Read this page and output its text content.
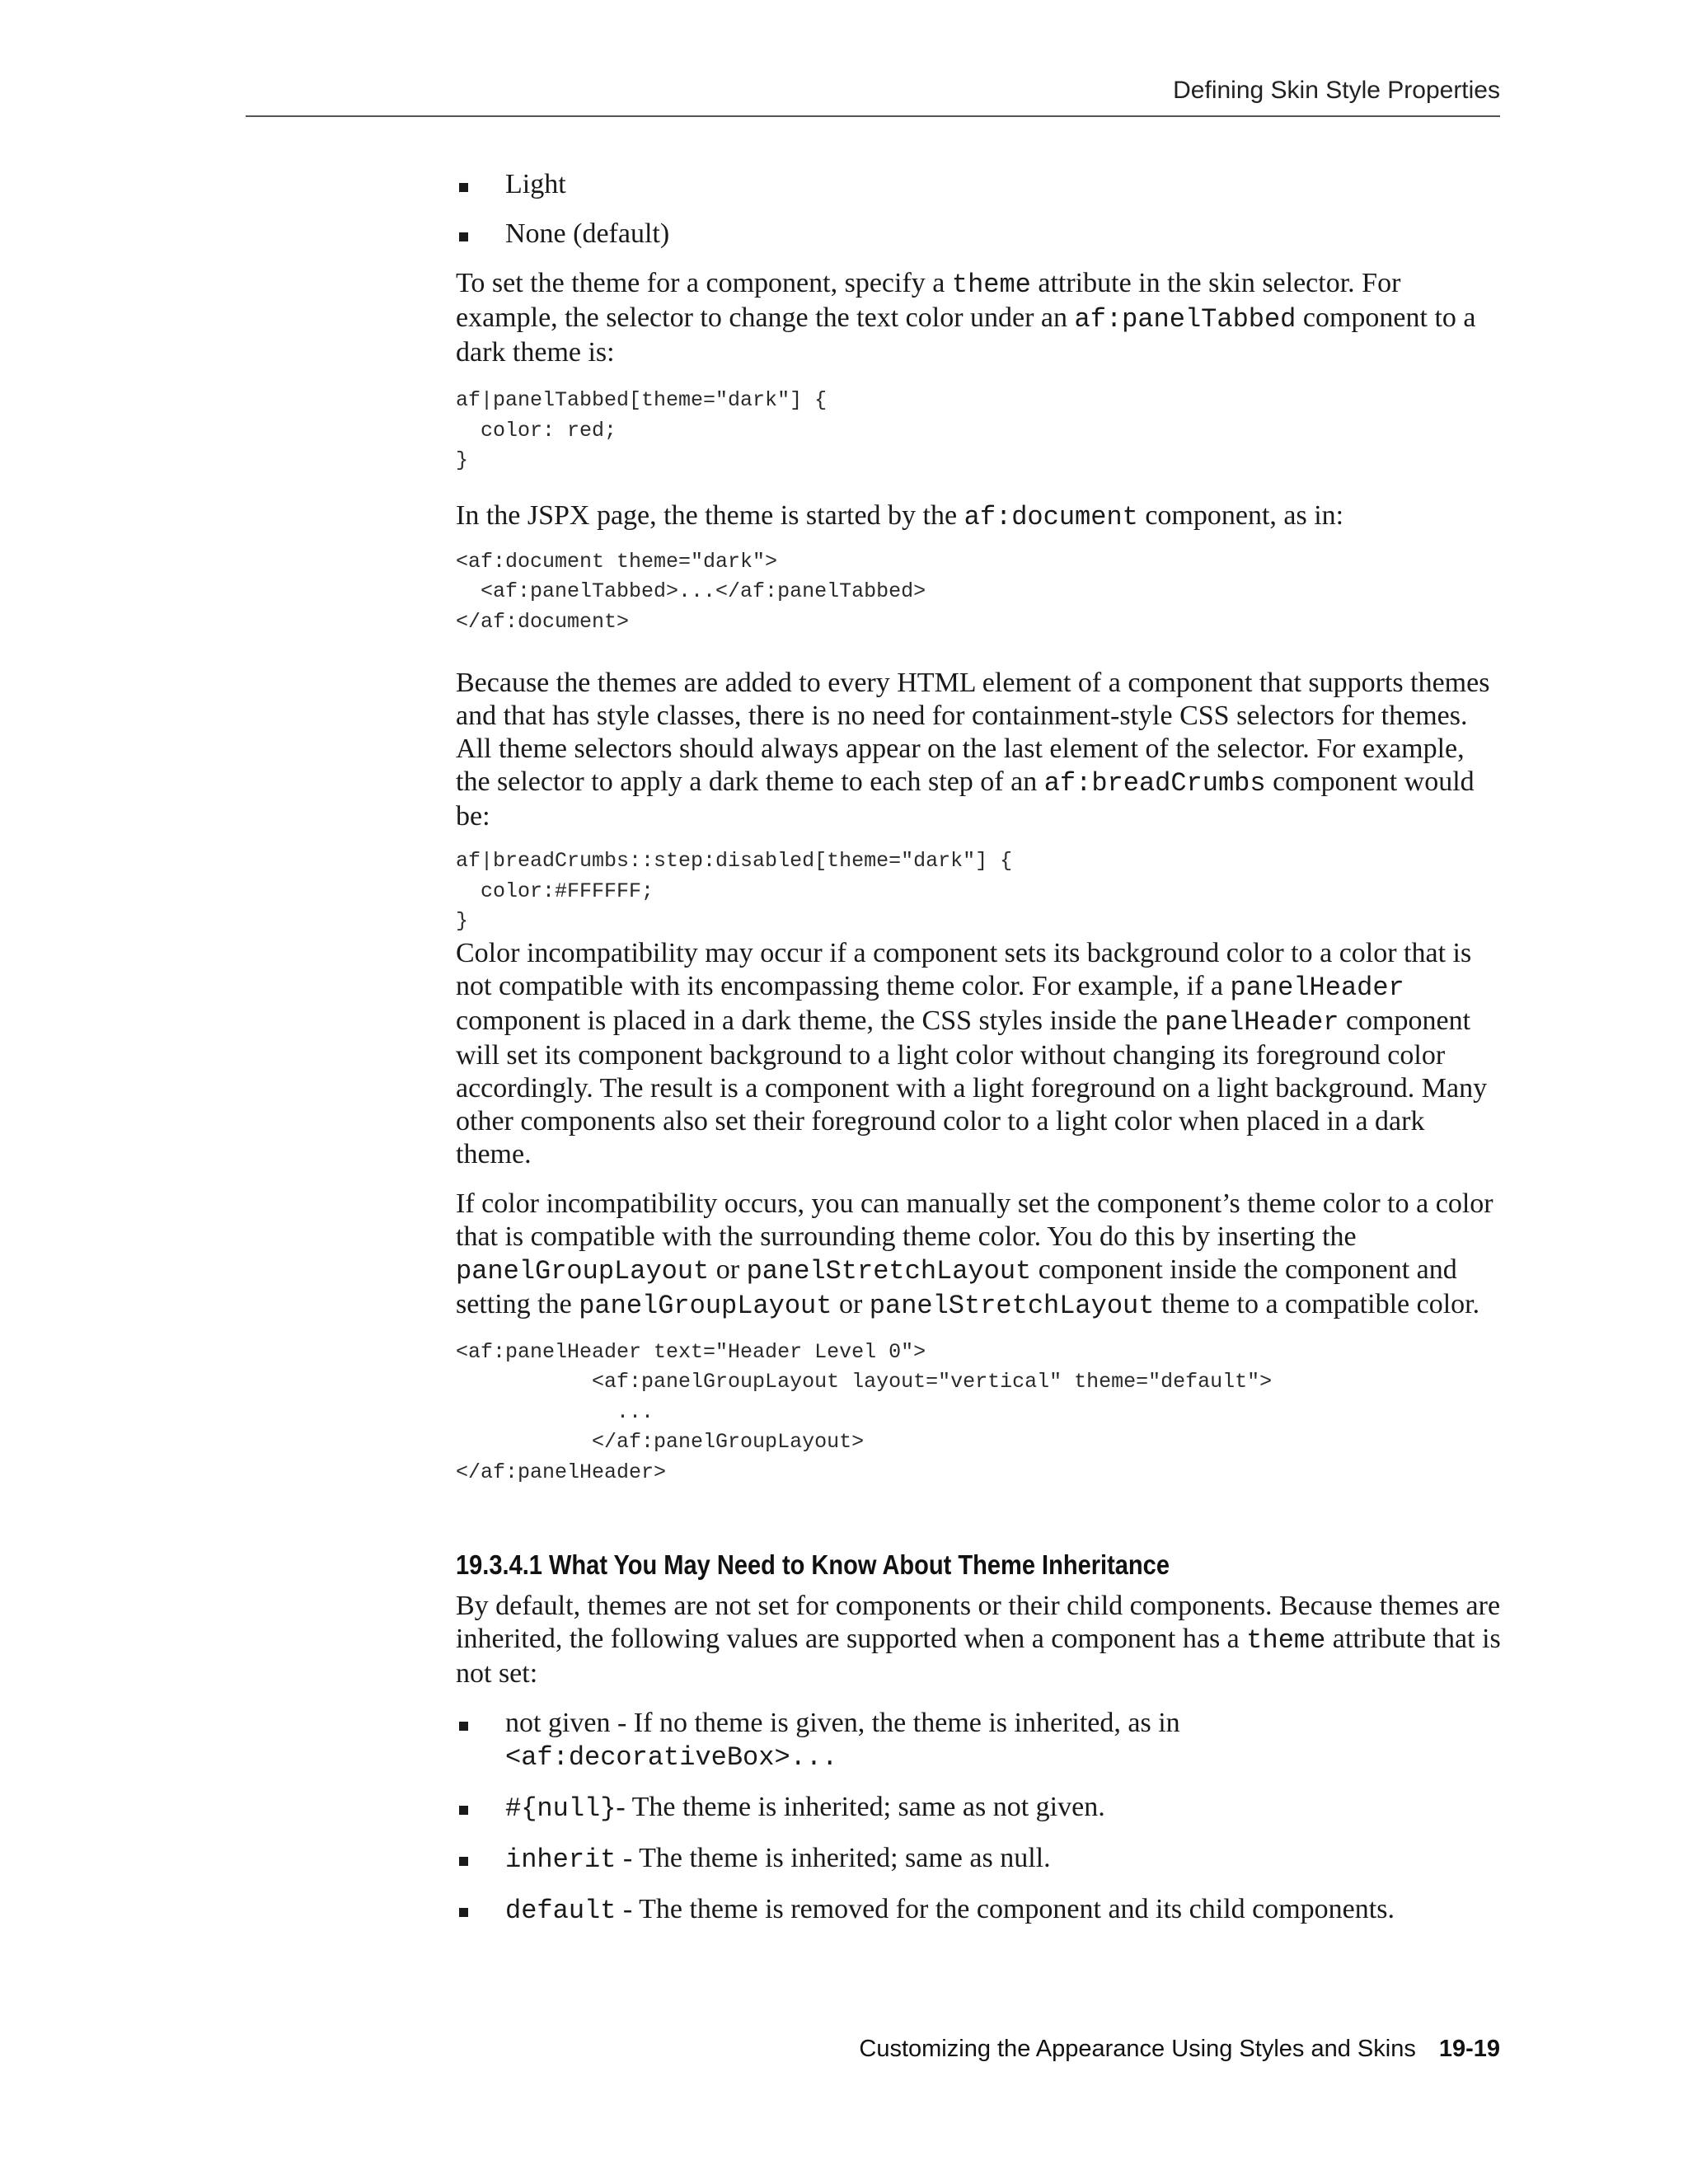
Defining Skin Style Properties
Light
None (default)

To set the theme for a component, specify a theme attribute in the skin selector. For example, the selector to change the text color under an af:panelTabbed component to a dark theme is:

af|panelTabbed[theme="dark"] {
color: red;
}

In the JSPX page, the theme is started by the af:document component, as in:

<af:document theme="dark">
<af:panelTabbed>...</af:panelTabbed>
</af:document>

Because the themes are added to every HTML element of a component that supports themes and that has style classes, there is no need for containment-style CSS selectors for themes. All theme selectors should always appear on the last element of the selector. For example, the selector to apply a dark theme to each step of an af:breadCrumbs component would be:

af|breadCrumbs::step:disabled[theme="dark"] {
color:#FFFFFF;
}

Color incompatibility may occur if a component sets its background color to a color that is not compatible with its encompassing theme color. For example, if a panelHeader component is placed in a dark theme, the CSS styles inside the panelHeader component will set its component background to a light color without changing its foreground color accordingly. The result is a component with a light foreground on a light background. Many other components also set their foreground color to a light color when placed in a dark theme.

If color incompatibility occurs, you can manually set the component’s theme color to a color that is compatible with the surrounding theme color. You do this by inserting the panelGroupLayout or panelStretchLayout component inside the component and setting the panelGroupLayout or panelStretchLayout theme to a compatible color.

<af:panelHeader text="Header Level 0">
<af:panelGroupLayout layout="vertical" theme="default">
...
</af:panelGroupLayout>
</af:panelHeader>
19.3.4.1 What You May Need to Know About Theme Inheritance

By default, themes are not set for components or their child components. Because themes are inherited, the following values are supported when a component has a theme attribute that is not set:

not given - If no theme is given, the theme is inherited, as in <af:decorativeBox>...
#{null}- The theme is inherited; same as not given.
inherit - The theme is inherited; same as null.
default - The theme is removed for the component and its child components.
Customizing the Appearance Using Styles and Skins 19-19
